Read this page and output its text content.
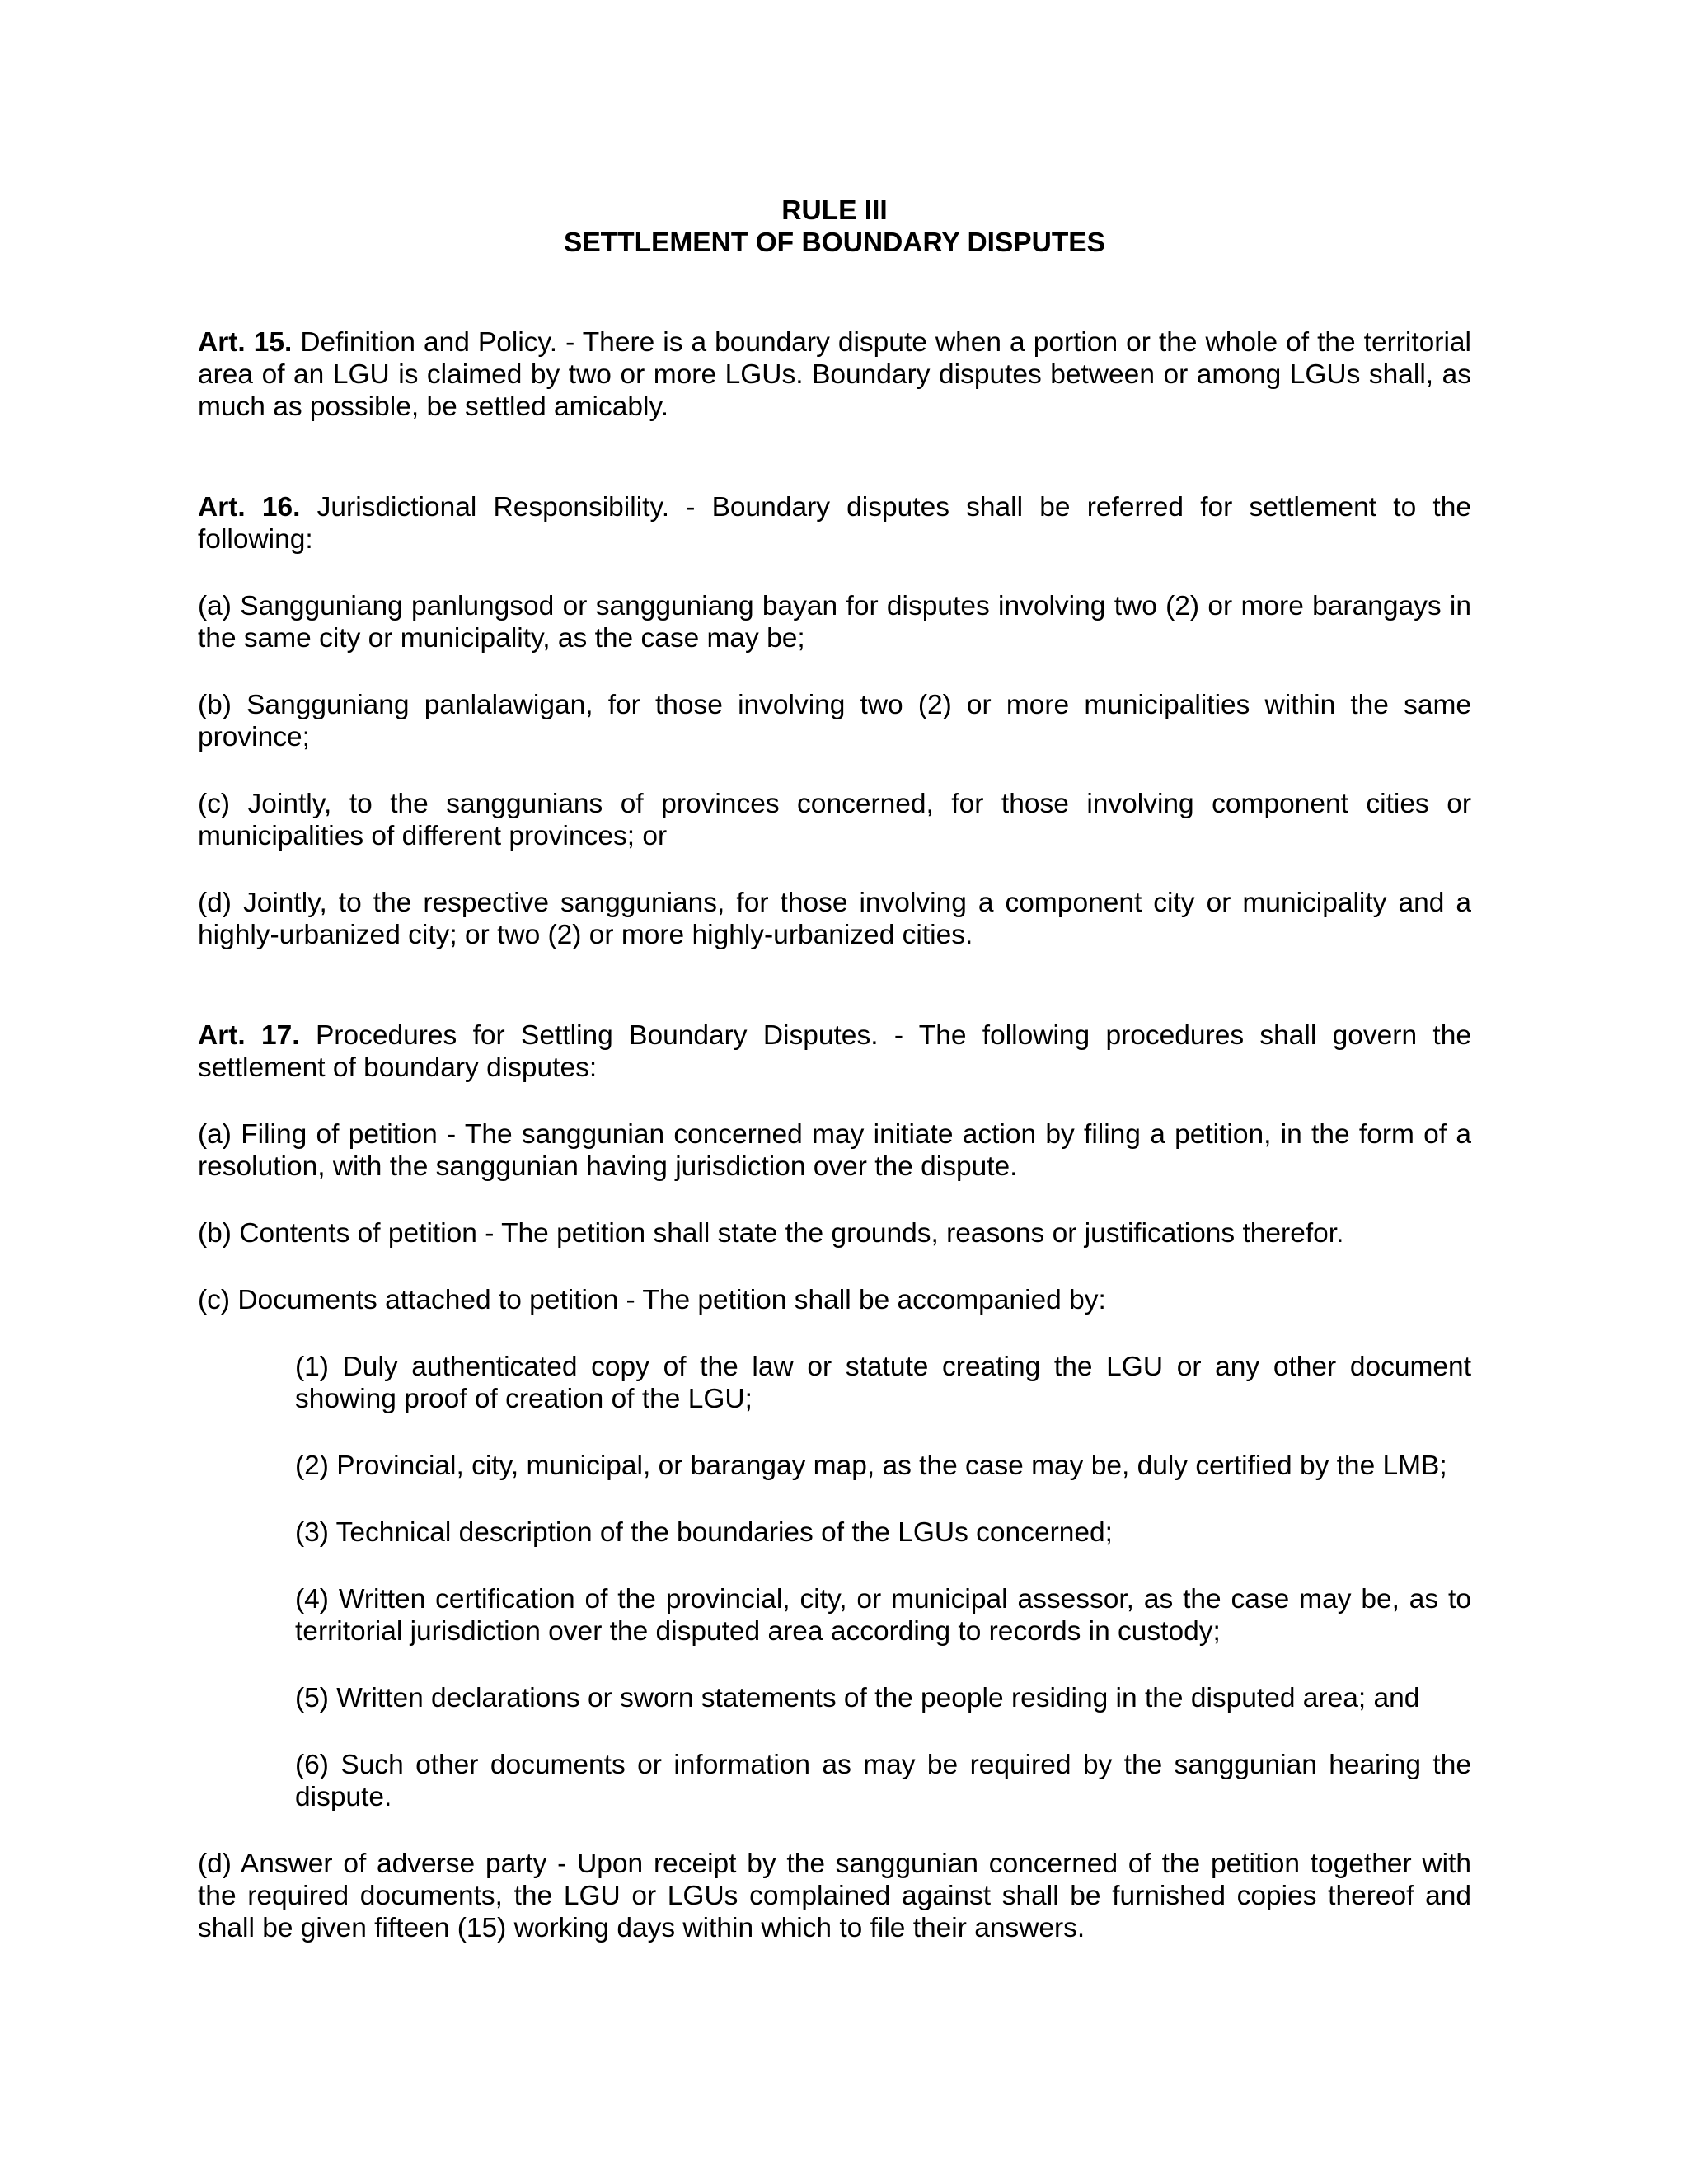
RULE III

SETTLEMENT OF BOUNDARY DISPUTES

Art. 15. Definition and Policy. - There is a boundary dispute when a portion or the whole of the territorial area of an LGU is claimed by two or more LGUs. Boundary disputes between or among LGUs shall, as much as possible, be settled amicably.

Art. 16. Jurisdictional Responsibility. - Boundary disputes shall be referred for settlement to the following:

(a) Sangguniang panlungsod or sangguniang bayan for disputes involving two (2) or more barangays in the same city or municipality, as the case may be;

(b) Sangguniang panlalawigan, for those involving two (2) or more municipalities within the same province;

(c) Jointly, to the sanggunians of provinces concerned, for those involving component cities or municipalities of different provinces; or

(d) Jointly, to the respective sanggunians, for those involving a component city or municipality and a highly-urbanized city; or two (2) or more highly-urbanized cities.

Art. 17. Procedures for Settling Boundary Disputes. - The following procedures shall govern the settlement of boundary disputes:

(a) Filing of petition - The sanggunian concerned may initiate action by filing a petition, in the form of a resolution, with the sanggunian having jurisdiction over the dispute.

(b) Contents of petition - The petition shall state the grounds, reasons or justifications therefor.

(c) Documents attached to petition - The petition shall be accompanied by:

(1) Duly authenticated copy of the law or statute creating the LGU or any other document showing proof of creation of the LGU;

(2) Provincial, city, municipal, or barangay map, as the case may be, duly certified by the LMB;

(3) Technical description of the boundaries of the LGUs concerned;

(4) Written certification of the provincial, city, or municipal assessor, as the case may be, as to territorial jurisdiction over the disputed area according to records in custody;

(5) Written declarations or sworn statements of the people residing in the disputed area; and

(6) Such other documents or information as may be required by the sanggunian hearing the dispute.

(d) Answer of adverse party - Upon receipt by the sanggunian concerned of the petition together with the required documents, the LGU or LGUs complained against shall be furnished copies thereof and shall be given fifteen (15) working days within which to file their answers.
